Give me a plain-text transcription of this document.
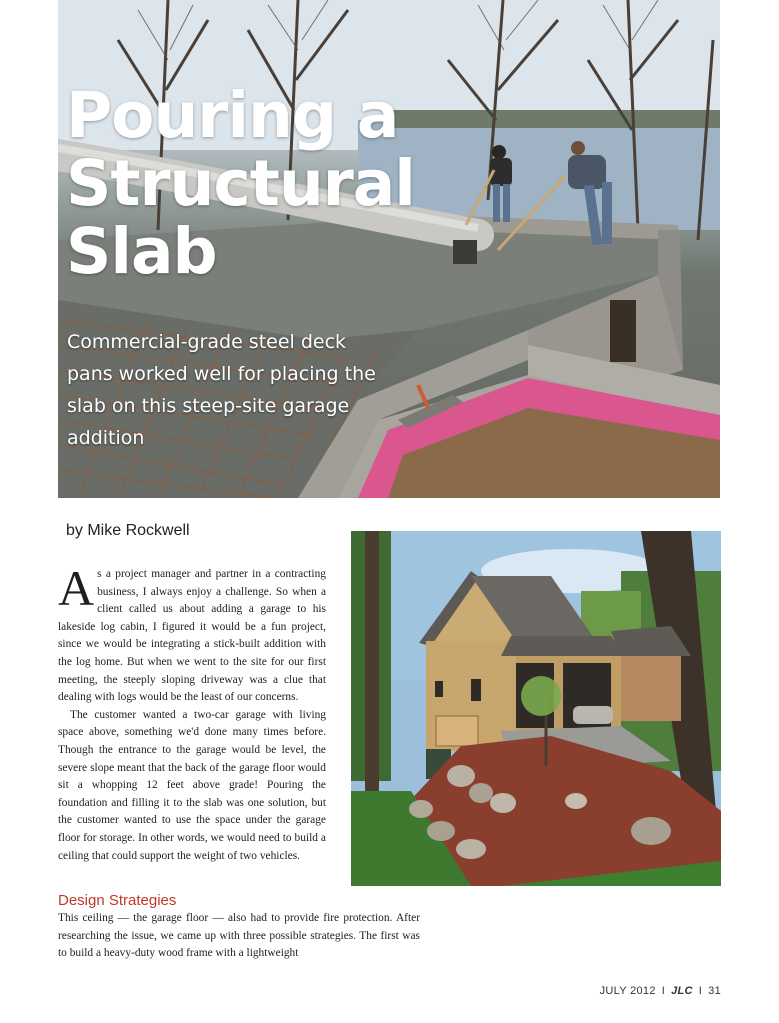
Pouring a Structural Slab

Commercial-grade steel deck pans worked well for placing the slab on this steep-site garage addition

by Mike Rockwell

As a project manager and partner in a contracting business, I always enjoy a challenge. So when a client called us about adding a garage to his lakeside log cabin, I figured it would be a fun project, since we would be integrating a stick-built addition with the log home. But when we went to the site for our first meeting, the steeply sloping driveway was a clue that dealing with logs would be the least of our concerns.

The customer wanted a two-car garage with living space above, something we'd done many times before. Though the entrance to the garage would be level, the severe slope meant that the back of the garage floor would sit a whopping 12 feet above grade! Pouring the foundation and filling it to the slab was one solution, but the customer wanted to use the space under the garage floor for storage. In other words, we would need to build a ceiling that could support the weight of two vehicles.

Design Strategies

This ceiling — the garage floor — also had to provide fire protection. After researching the issue, we came up with three possible strategies. The first was to build a heavy-duty wood frame with a lightweight

JULY 2012 I JLC I 31
